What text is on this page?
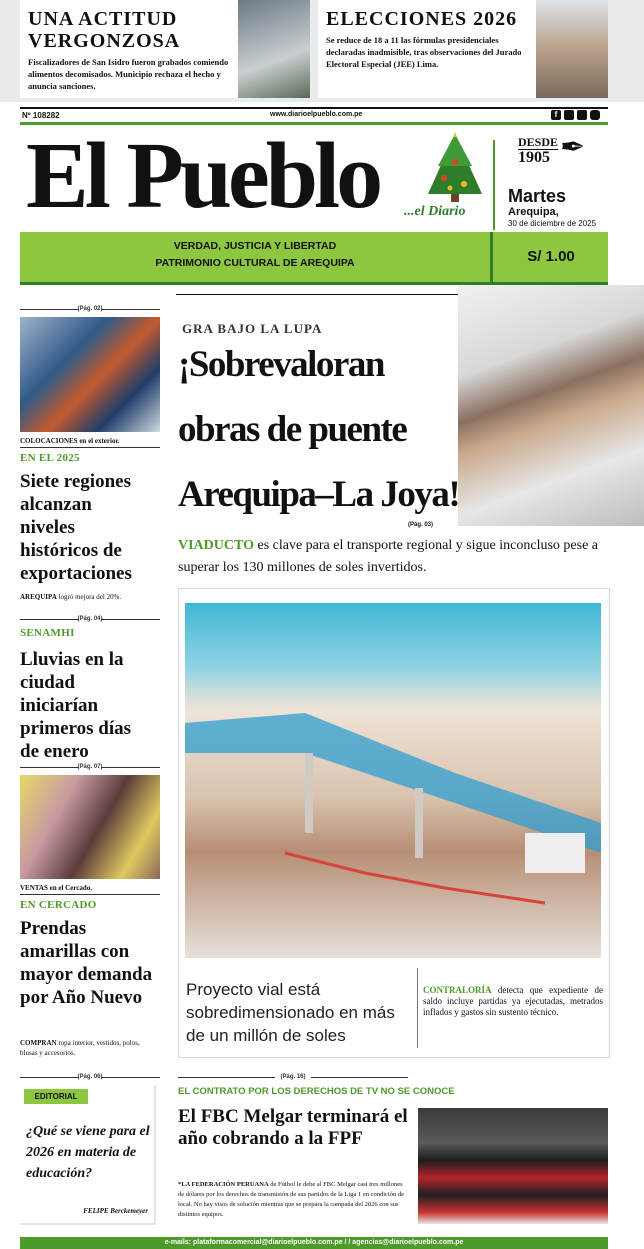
UNA ACTITUD VERGONZOSA

Fiscalizadores de San Isidro fueron grabados comiendo alimentos decomisados. Municipio rechaza el hecho y anuncia sanciones.

ELECCIONES 2026

Se reduce de 18 a 11 las fórmulas presidenciales declaradas inadmisible, tras observaciones del Jurado Electoral Especial (JEE) Lima.

Nº 108282	www.diarioelpueblo.com.pe	f
El Pueblo ...el Diario
DESDE
1905 ✒
Martes
Arequipa,
30 de diciembre de 2025
VERDAD, JUSTICIA Y LIBERTAD
PATRIMONIO CULTURAL DE AREQUIPA	S/ 1.00
(Pág. 02)
COLOCACIONES en el exterior.
EN EL 2025
Siete regiones alcanzan niveles históricos de exportaciones
AREQUIPA logró mejora del 20%.
(Pág. 04)
SENAMHI
Lluvias en la ciudad iniciarían primeros días de enero
(Pág. 07)
VENTAS en el Cercado.
EN CERCADO
Prendas amarillas con mayor demanda por Año Nuevo
COMPRAN ropa interior, vestidos, polos, blusas y accesorios.
(Pág. 06)
EDITORIAL
¿Qué se viene para el 2026 en materia de educación?
FELIPE Berckemeyer
GRA BAJO LA LUPA
¡Sobrevaloran
obras de puente
Arequipa–La Joya!
(Pág. 03)
VIADUCTO es clave para el transporte regional y sigue inconcluso pese a superar los 130 millones de soles invertidos.
Proyecto vial está sobredimensionado en más de un millón de soles
CONTRALORÍA detecta que expediente de saldo incluye partidas ya ejecutadas, metrados inflados y gastos sin sustento técnico.
(Pág. 16)
EL CONTRATO POR LOS DERECHOS DE TV NO SE CONOCE
El FBC Melgar terminará el año cobrando a la FPF
*LA FEDERACIÓN PERUANA de Fútbol le debe al FBC Melgar casi tres millones de dólares por los derechos de transmisión de sus partidos de la Liga 1 en condición de local. No hay visos de solución mientras que se prepara la campaña del 2026 con sus distintos equipos.
e-mails: plataformacomercial@diarioelpueblo.com.pe / / agencias@diarioelpueblo.com.pe
